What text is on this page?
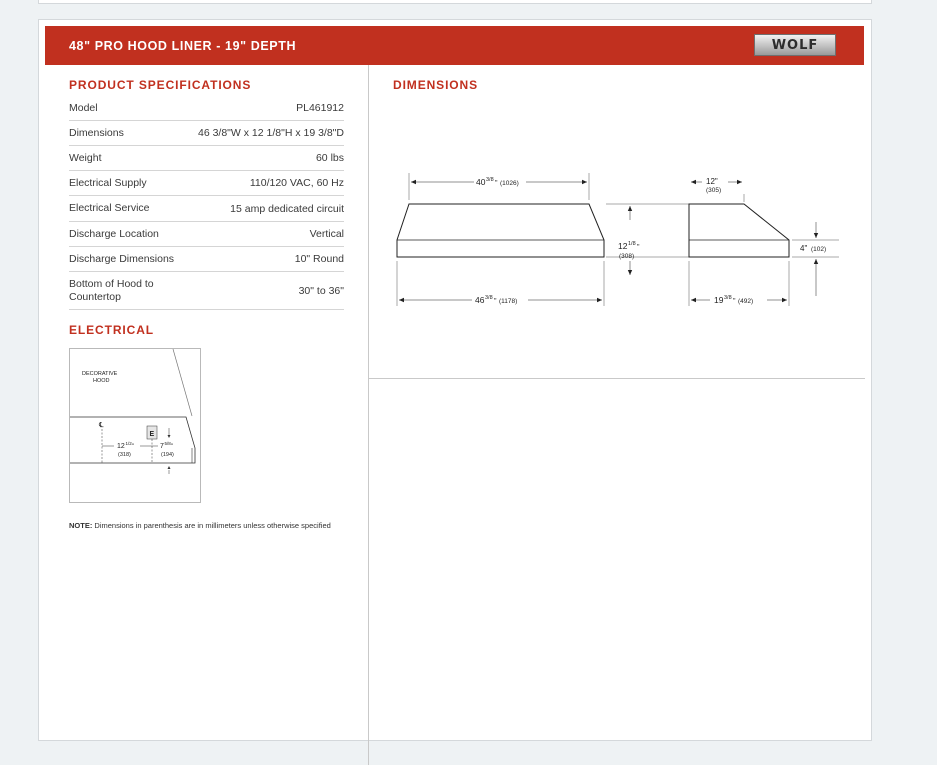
48" PRO HOOD LINER - 19" DEPTH	WOLF
PRODUCT SPECIFICATIONS
Model	PL461912
Dimensions	46 3/8"W x 12 1/8"H x 19 3/8"D
Weight	60 lbs
Electrical Supply	110/120 VAC, 60 Hz
Electrical Service	15 amp dedicated circuit
Discharge Location	Vertical
Discharge Dimensions	10" Round
Bottom of Hood to Countertop	30" to 36"
ELECTRICAL
DECORATIVE
HOOD
℄
E
12 1/2
"
(318)
7 5/8
"
(194)
NOTE: Dimensions in parenthesis are in millimeters unless otherwise specified
DIMENSIONS
40 3/8 " (1026)
12 1/8 "
(308)
46 3/8 " (1178)
12"
(305)
4" (102)
19 3/8 " (492)
